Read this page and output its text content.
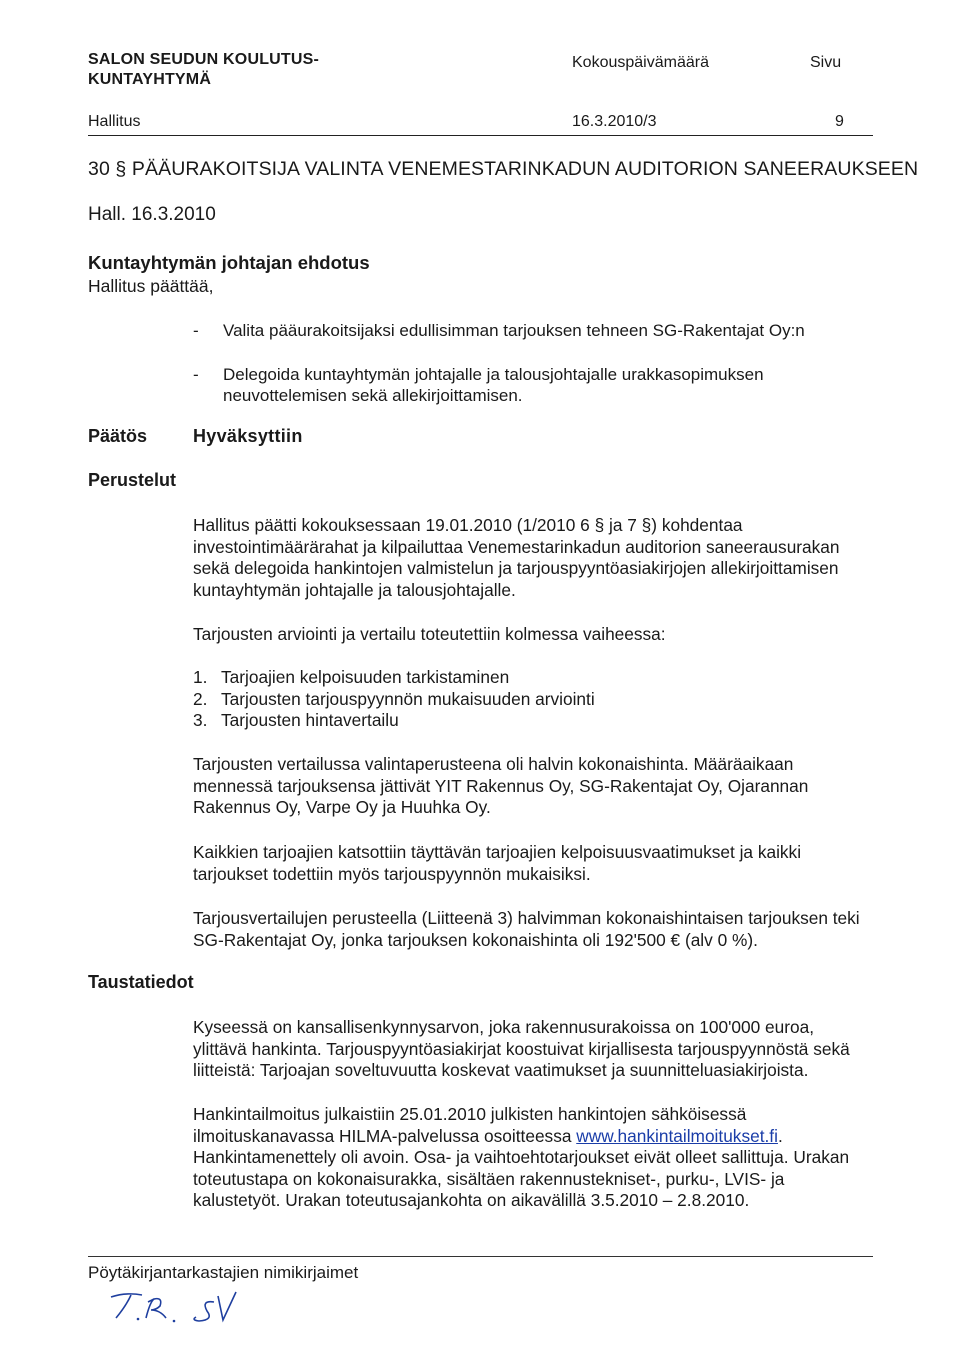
SALON SEUDUN KOULUTUS-
KUNTAYHTYMÄ
Kokouspäivämäärä	Sivu
Hallitus	16.3.2010/3	9
30 § PÄÄURAKOITSIJA VALINTA VENEMESTARINKADUN AUDITORION SANEERAUKSEEN
Hall. 16.3.2010
Kuntayhtymän johtajan ehdotus
Hallitus päättää,
- Valita pääurakoitsijaksi edullisimman tarjouksen tehneen SG-Rakentajat Oy:n
- Delegoida kuntayhtymän johtajalle ja talousjohtajalle urakkasopimuksen neuvottelemisen sekä allekirjoittamisen.
Päätös	Hyväksyttiin
Perustelut
Taustatiedot
Hallitus päätti kokouksessaan 19.01.2010 (1/2010 6 § ja 7 §) kohdentaa investointimäärärahat ja kilpailuttaa Venemestarinkadun auditorion saneerausurakan sekä delegoida hankintojen valmistelun ja tarjouspyyntöasiakirjojen allekirjoittamisen kuntayhtymän johtajalle ja talousjohtajalle.
Tarjousten arviointi ja vertailu toteutettiin kolmessa vaiheessa:
1. Tarjoajien kelpoisuuden tarkistaminen
2. Tarjousten tarjouspyynnön mukaisuuden arviointi
3. Tarjousten hintavertailu
Tarjousten vertailussa valintaperusteena oli halvin kokonaishinta. Määräaikaan mennessä tarjouksensa jättivät YIT Rakennus Oy, SG-Rakentajat Oy, Ojarannan Rakennus Oy, Varpe Oy ja Huuhka Oy.
Kaikkien tarjoajien katsottiin täyttävän tarjoajien kelpoisuusvaatimukset ja kaikki tarjoukset todettiin myös tarjouspyynnön mukaisiksi.
Tarjousvertailujen perusteella (Liitteenä 3) halvimman kokonaishintaisen tarjouksen teki SG-Rakentajat Oy, jonka tarjouksen kokonaishinta oli 192'500 € (alv 0 %).
Kyseessä on kansallisenkynnysarvon, joka rakennusurakoissa on 100'000 euroa, ylittävä hankinta. Tarjouspyyntöasiakirjat koostuivat kirjallisesta tarjouspyynnöstä sekä liitteistä: Tarjoajan soveltuvuutta koskevat vaatimukset ja suunnitteluasiakirjoista.
Hankintailmoitus julkaistiin 25.01.2010 julkisten hankintojen sähköisessä ilmoituskanavassa HILMA-palvelussa osoitteessa www.hankintailmoitukset.fi. Hankintamenettely oli avoin. Osa- ja vaihtoehtotarjoukset eivät olleet sallittuja. Urakan toteutustapa on kokonaisurakka, sisältäen rakennustekniset-, purku-, LVIS- ja kalustetyöt. Urakan toteutusajankohta on aikavälillä 3.5.2010 – 2.8.2010.
Pöytäkirjantarkastajien nimikirjaimet
